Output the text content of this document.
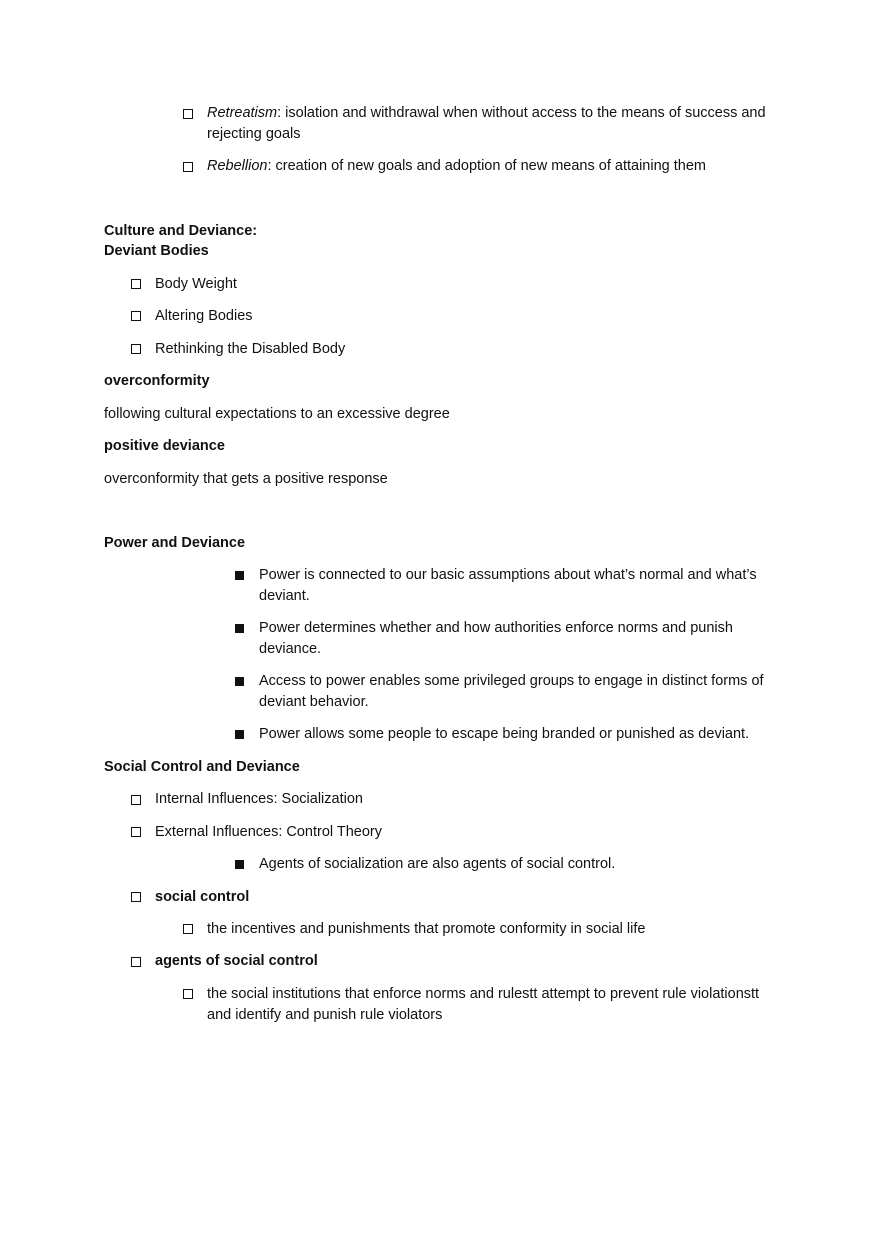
Retreatism: isolation and withdrawal when without access to the means of success and rejecting goals
Rebellion: creation of new goals and adoption of new means of attaining them
Culture and Deviance:
Deviant Bodies
Body Weight
Altering Bodies
Rethinking the Disabled Body
overconformity
following cultural expectations to an excessive degree
positive deviance
overconformity that gets a positive response
Power and Deviance
Power is connected to our basic assumptions about what’s normal and what’s deviant.
Power determines whether and how authorities enforce norms and punish deviance.
Access to power enables some privileged groups to engage in distinct forms of deviant behavior.
Power allows some people to escape being branded or punished as deviant.
Social Control and Deviance
Internal Influences: Socialization
External Influences: Control Theory
Agents of socialization are also agents of social control.
social control
the incentives and punishments that promote conformity in social life
agents of social control
the social institutions that enforce norms and rulestt attempt to prevent rule violationstt and identify and punish rule violators
